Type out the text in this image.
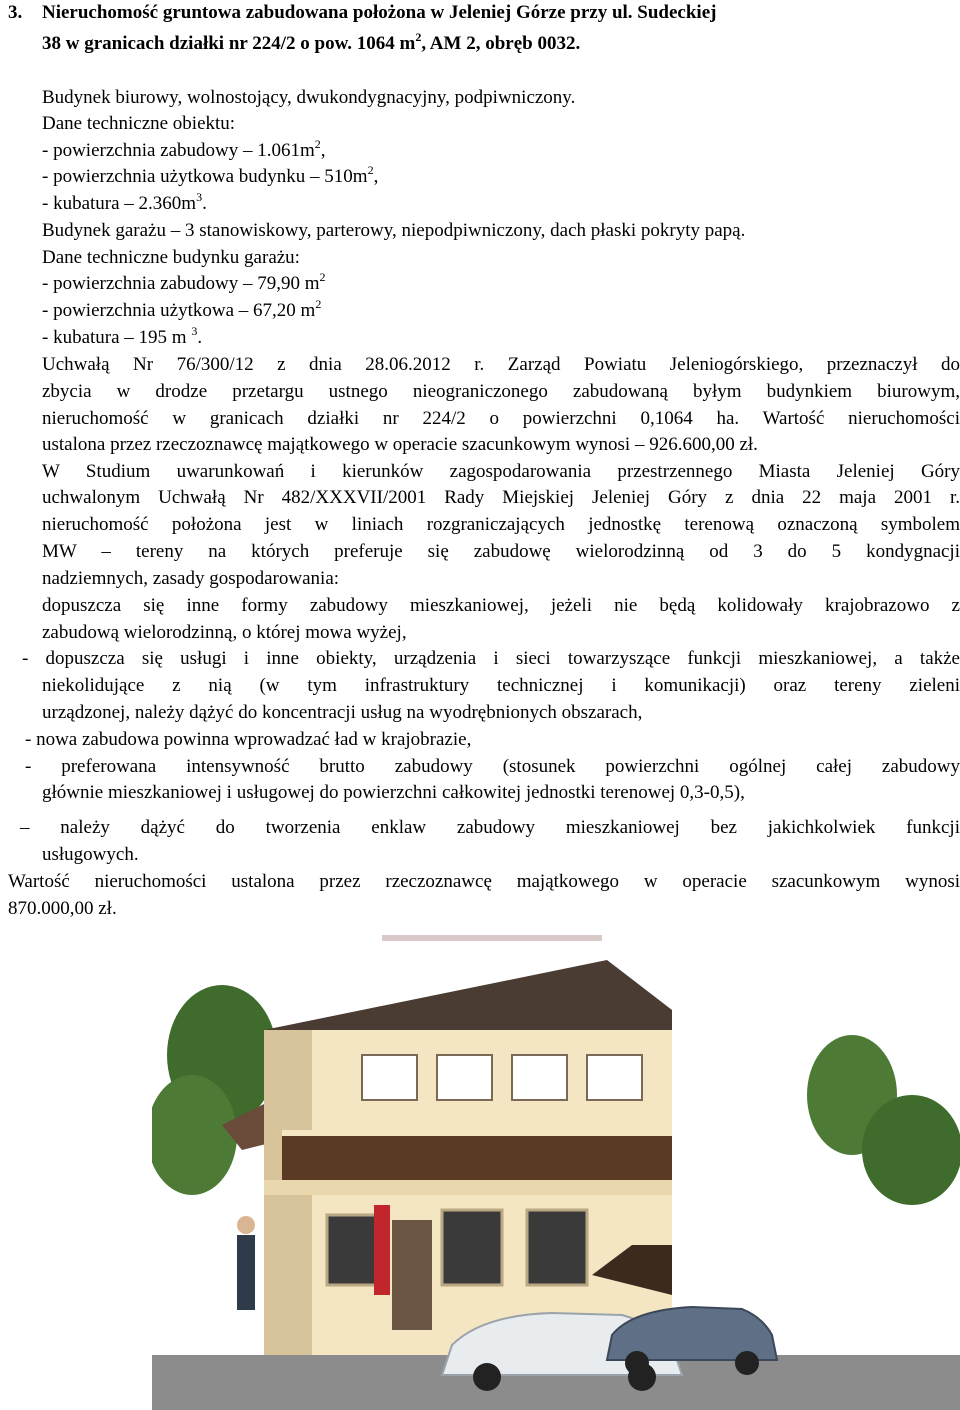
3. Nieruchomość gruntowa zabudowana położona w Jeleniej Górze przy ul. Sudeckiej
38 w granicach działki nr 224/2 o pow. 1064 $m^2$, AM 2, obręb 0032.
Budynek biurowy, wolnostojący, dwukondygnacyjny, podpiwniczony.
Dane techniczne obiektu:
- powierzchnia zabudowy – $1.061m^2$,
- powierzchnia użytkowa budynku – $510m^2$,
- kubatura – $2.360m^3$.
Budynek garażu – 3 stanowiskowy, parterowy, niepodpiwniczony, dach płaski pokryty papą.
Dane techniczne budynku garażu:
- powierzchnia zabudowy – 79,90 $m^2$
- powierzchnia użytkowa – 67,20 $m^2$
- kubatura – 195 m $^3$.
Uchwałą Nr 76/300/12 z dnia 28.06.2012 r. Zarząd Powiatu Jeleniogórskiego, przeznaczył do
zbycia w drodze przetargu ustnego nieograniczonego zabudowaną byłym budynkiem biurowym,
nieruchomość w granicach działki nr 224/2 o powierzchni 0,1064 ha. Wartość nieruchomości
ustalona przez rzeczoznawcę majątkowego w operacie szacunkowym wynosi – 926.600,00 zł.
W Studium uwarunkowań i kierunków zagospodarowania przestrzennego Miasta Jeleniej Góry
uchwalonym Uchwałą Nr 482/XXXVII/2001 Rady Miejskiej Jeleniej Góry z dnia 22 maja 2001 r.
nieruchomość położona jest w liniach rozgraniczających jednostkę terenową oznaczoną symbolem
MW – tereny na których preferuje się zabudowę wielorodzinną od 3 do 5 kondygnacji
nadziemnych, zasady gospodarowania:
dopuszcza się inne formy zabudowy mieszkaniowej, jeżeli nie będą kolidowały krajobrazowo z
zabudową wielorodzinną, o której mowa wyżej,
- dopuszcza się usługi i inne obiekty, urządzenia i sieci towarzyszące funkcji mieszkaniowej, a także
niekolidujące z nią (w tym infrastruktury technicznej i komunikacji) oraz tereny zieleni
urządzonej, należy dążyć do koncentracji usług na wyodrębnionych obszarach,
- nowa zabudowa powinna wprowadzać ład w krajobrazie,
- preferowana intensywność brutto zabudowy (stosunek powierzchni ogólnej całej zabudowy
głównie mieszkaniowej i usługowej do powierzchni całkowitej jednostki terenowej 0,3-0,5),
– należy dążyć do tworzenia enklaw zabudowy mieszkaniowej bez jakichkolwiek funkcji
usługowych.
Wartość nieruchomości ustalona przez rzeczoznawcę majątkowego w operacie szacunkowym wynosi
870.000,00 zł.
